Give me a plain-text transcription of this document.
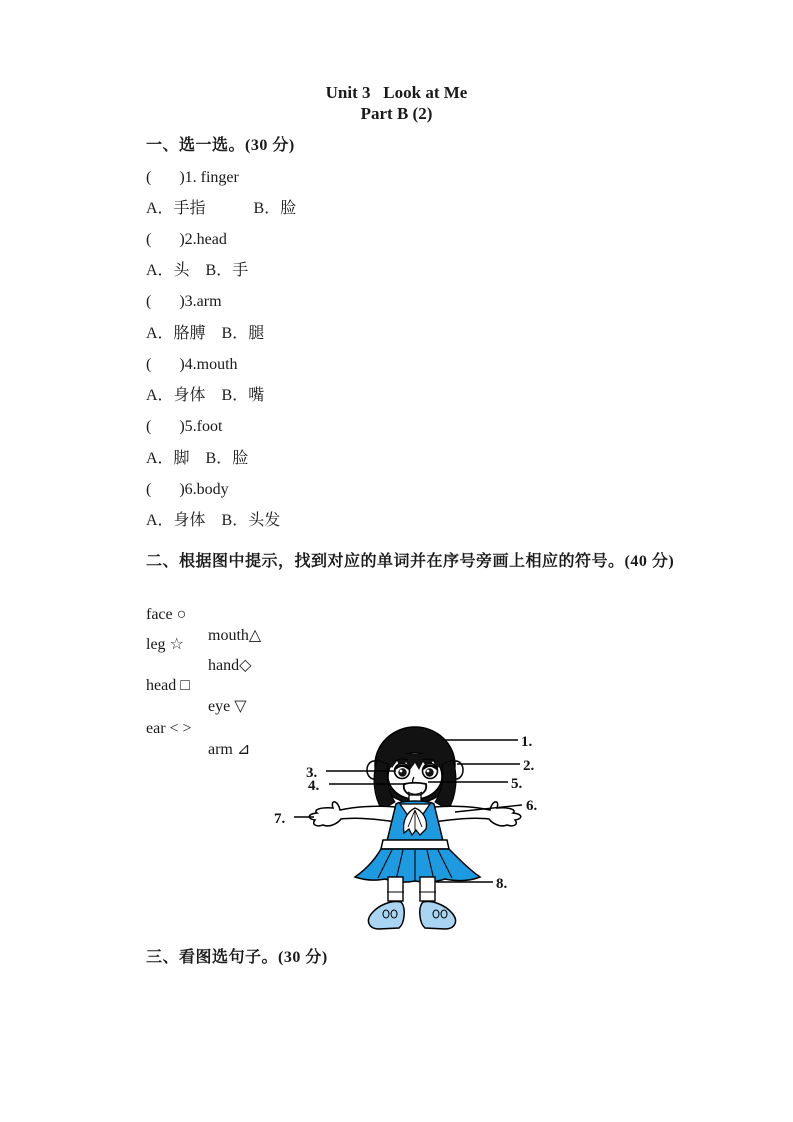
Unit 3   Look at Me
Part B (2)
一、选一选。(30 分)
(       )1. finger
A．手指　　　B．脸
(       )2.head
A．头　B．手
(       )3.arm
A．胳膊　B．腿
(       )4.mouth
A．身体　B．嘴
(       )5.foot
A．脚　B．脸
(       )6.body
A．身体　B．头发
二、根据图中提示，找到对应的单词并在序号旁画上相应的符号。(40 分)

face ○

mouth△

leg ☆

hand◇

head □

eye ▽

ear < >

arm ⊿

	1.
2.
3.
4.	5.
6.
7.
8.
三、看图选句子。(30 分)
